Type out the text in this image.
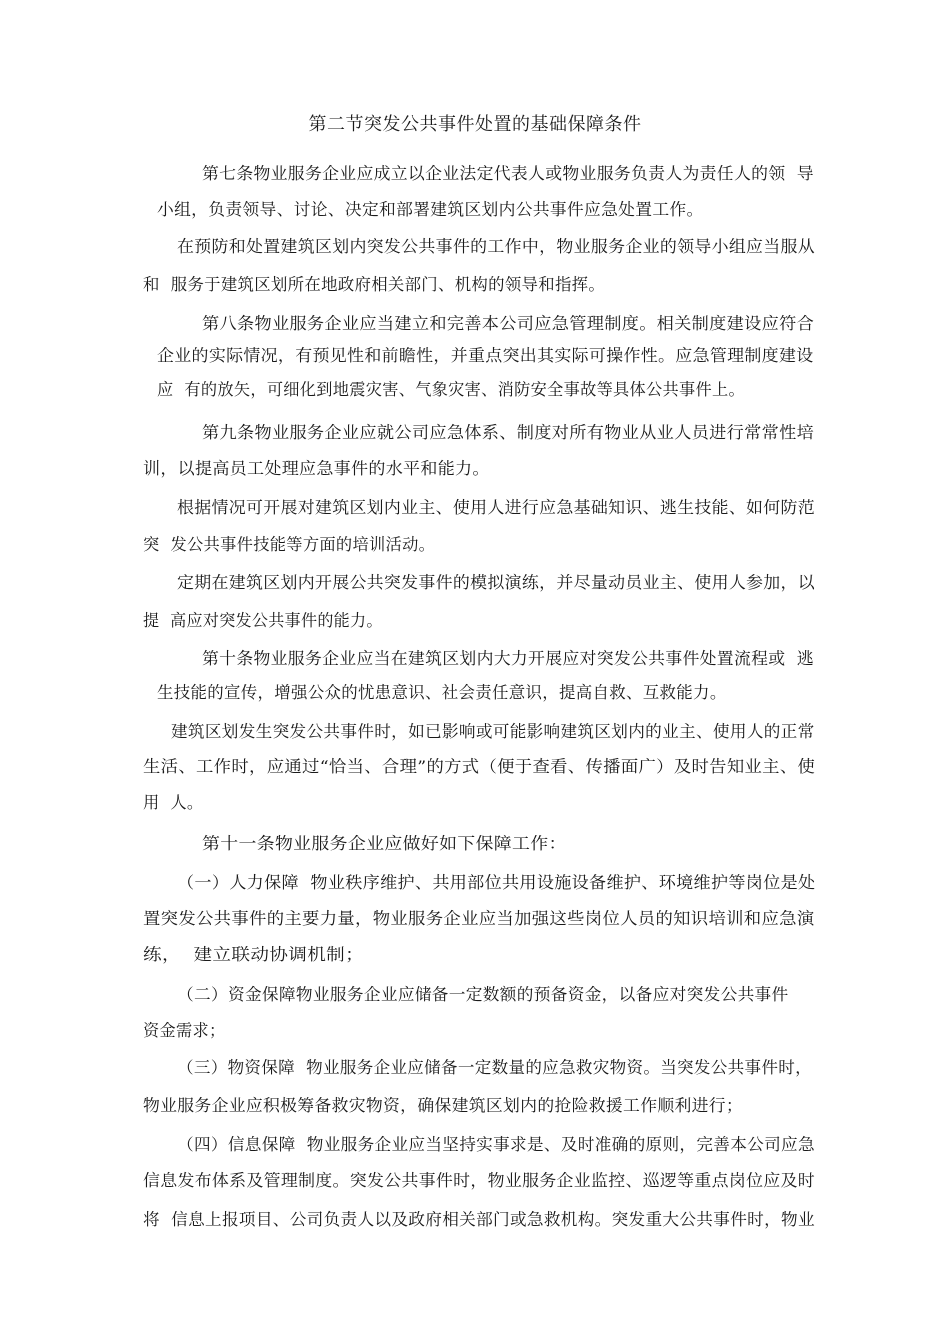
第二节突发公共事件处置的基础保障条件
第七条物业服务企业应成立以企业法定代表人或物业服务负责人为责任人的领  导
小组，负责领导、讨论、决定和部署建筑区划内公共事件应急处置工作。
在预防和处置建筑区划内突发公共事件的工作中，物业服务企业的领导小组应当服从
和  服务于建筑区划所在地政府相关部门、机构的领导和指挥。
第八条物业服务企业应当建立和完善本公司应急管理制度。相关制度建设应符合
企业的实际情况，有预见性和前瞻性，并重点突出其实际可操作性。应急管理制度建设
应  有的放矢，可细化到地震灾害、气象灾害、消防安全事故等具体公共事件上。
第九条物业服务企业应就公司应急体系、制度对所有物业从业人员进行常常性培
训，以提高员工处理应急事件的水平和能力。
根据情况可开展对建筑区划内业主、使用人进行应急基础知识、逃生技能、如何防范
突  发公共事件技能等方面的培训活动。
定期在建筑区划内开展公共突发事件的模拟演练，并尽量动员业主、使用人参加，以
提  高应对突发公共事件的能力。
第十条物业服务企业应当在建筑区划内大力开展应对突发公共事件处置流程或  逃
生技能的宣传，增强公众的忧患意识、社会责任意识，提高自救、互救能力。
建筑区划发生突发公共事件时，如已影响或可能影响建筑区划内的业主、使用人的正常
生活、工作时，应通过“恰当、合理”的方式（便于查看、传播面广）及时告知业主、使
用  人。
第十一条物业服务企业应做好如下保障工作：
（一）人力保障  物业秩序维护、共用部位共用设施设备维护、环境维护等岗位是处
置突发公共事件的主要力量，物业服务企业应当加强这些岗位人员的知识培训和应急演
练，  建立联动协调机制；
（二）资金保障物业服务企业应储备一定数额的预备资金，以备应对突发公共事件
资金需求；
（三）物资保障  物业服务企业应储备一定数量的应急救灾物资。当突发公共事件时，
物业服务企业应积极筹备救灾物资，确保建筑区划内的抢险救援工作顺利进行；
（四）信息保障  物业服务企业应当坚持实事求是、及时准确的原则，完善本公司应急
信息发布体系及管理制度。突发公共事件时，物业服务企业监控、巡逻等重点岗位应及时
将  信息上报项目、公司负责人以及政府相关部门或急救机构。突发重大公共事件时，物业
